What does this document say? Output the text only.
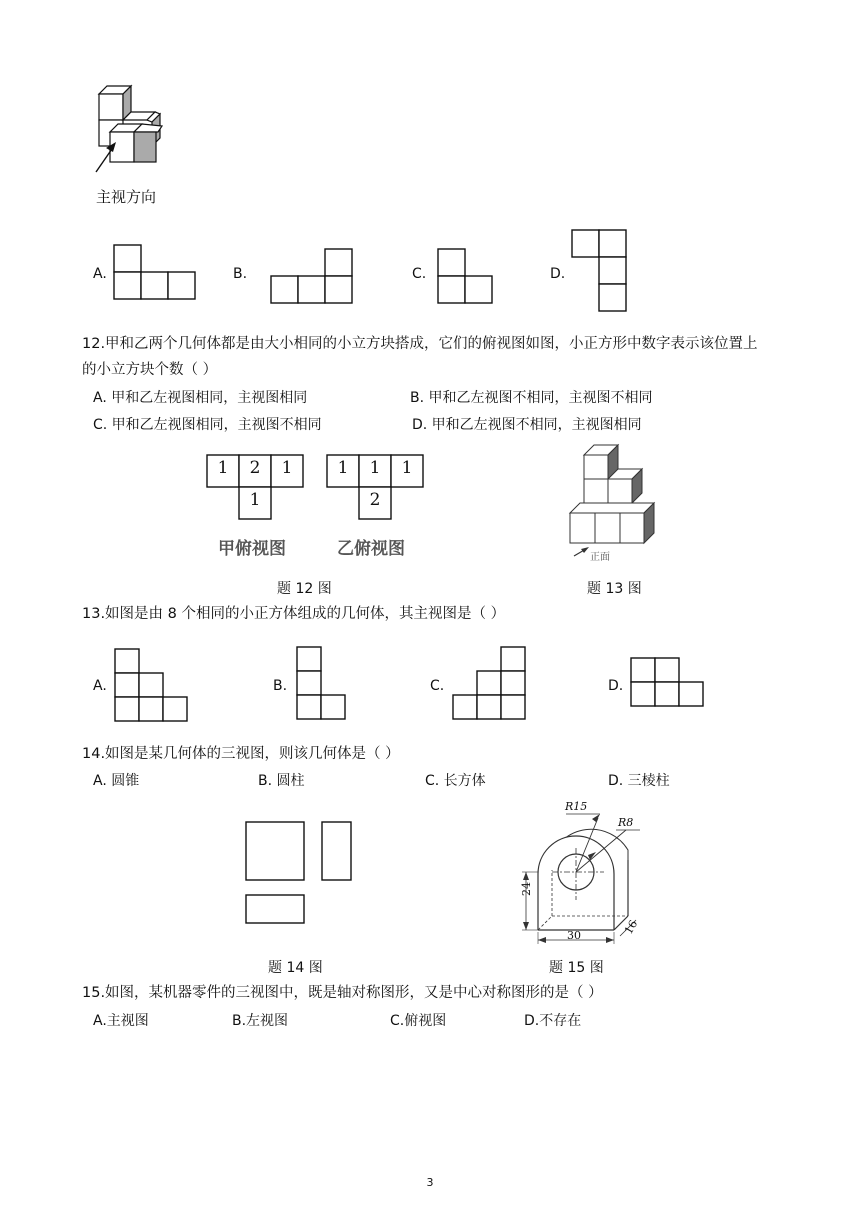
主视方向
A.	B.	C.	D.
12.甲和乙两个几何体都是由大小相同的小立方块搭成，它们的俯视图如图，小正方形中数字表示该位置上
的小立方块个数（ ）
A. 甲和乙左视图相同，主视图相同	B. 甲和乙左视图不相同，主视图不相同
C. 甲和乙左视图相同，主视图不相同	D. 甲和乙左视图不相同，主视图相同
1	2	1
1
甲俯视图
1	1	1
2
乙俯视图
题 12 图
正面
题 13 图
13.如图是由 8 个相同的小正方体组成的几何体，其主视图是（ ）
A.	B.	C.	D.
14.如图是某几何体的三视图，则该几何体是（ ）
A. 圆锥	B. 圆柱	C. 长方体	D. 三棱柱
题 14 图
R15
R8
24
30	16
题 15 图
15.如图，某机器零件的三视图中，既是轴对称图形，又是中心对称图形的是（ ）
A.主视图	B.左视图	C.俯视图	D.不存在
3
